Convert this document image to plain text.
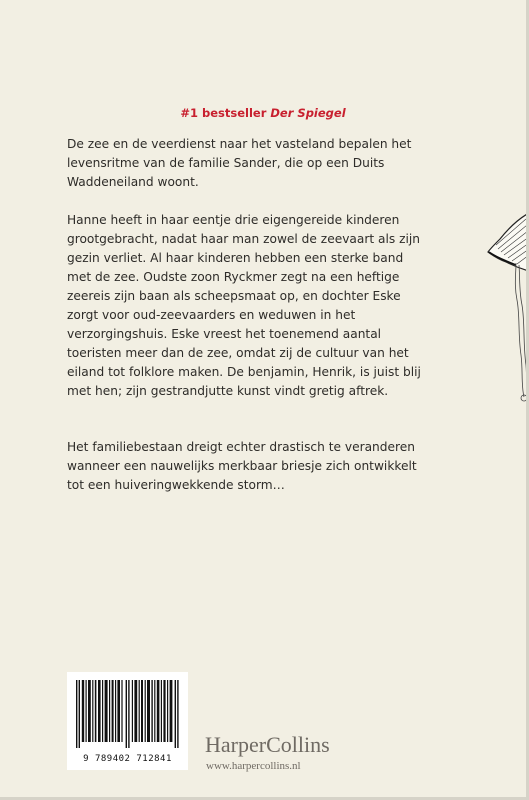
#1 bestseller Der Spiegel

De zee en de veerdienst naar het vasteland bepalen het
levensritme van de familie Sander, die op een Duits
Waddeneiland woont.

Hanne heeft in haar eentje drie eigengereide kinderen
grootgebracht, nadat haar man zowel de zeevaart als zijn
gezin verliet. Al haar kinderen hebben een sterke band
met de zee. Oudste zoon Ryckmer zegt na een heftige
zeereis zijn baan als scheepsmaat op, en dochter Eske
zorgt voor oud-zeevaarders en weduwen in het
verzorgingshuis. Eske vreest het toenemend aantal
toeristen meer dan de zee, omdat zij de cultuur van het
eiland tot folklore maken. De benjamin, Henrik, is juist blij
met hen; zijn gestrandjutte kunst vindt gretig aftrek.

Het familiebestaan dreigt echter drastisch te veranderen
wanneer een nauwelijks merkbaar briesje zich ontwikkelt
tot een huiveringwekkende storm…

9 789402 712841
HarperCollins
www.harpercollins.nl
